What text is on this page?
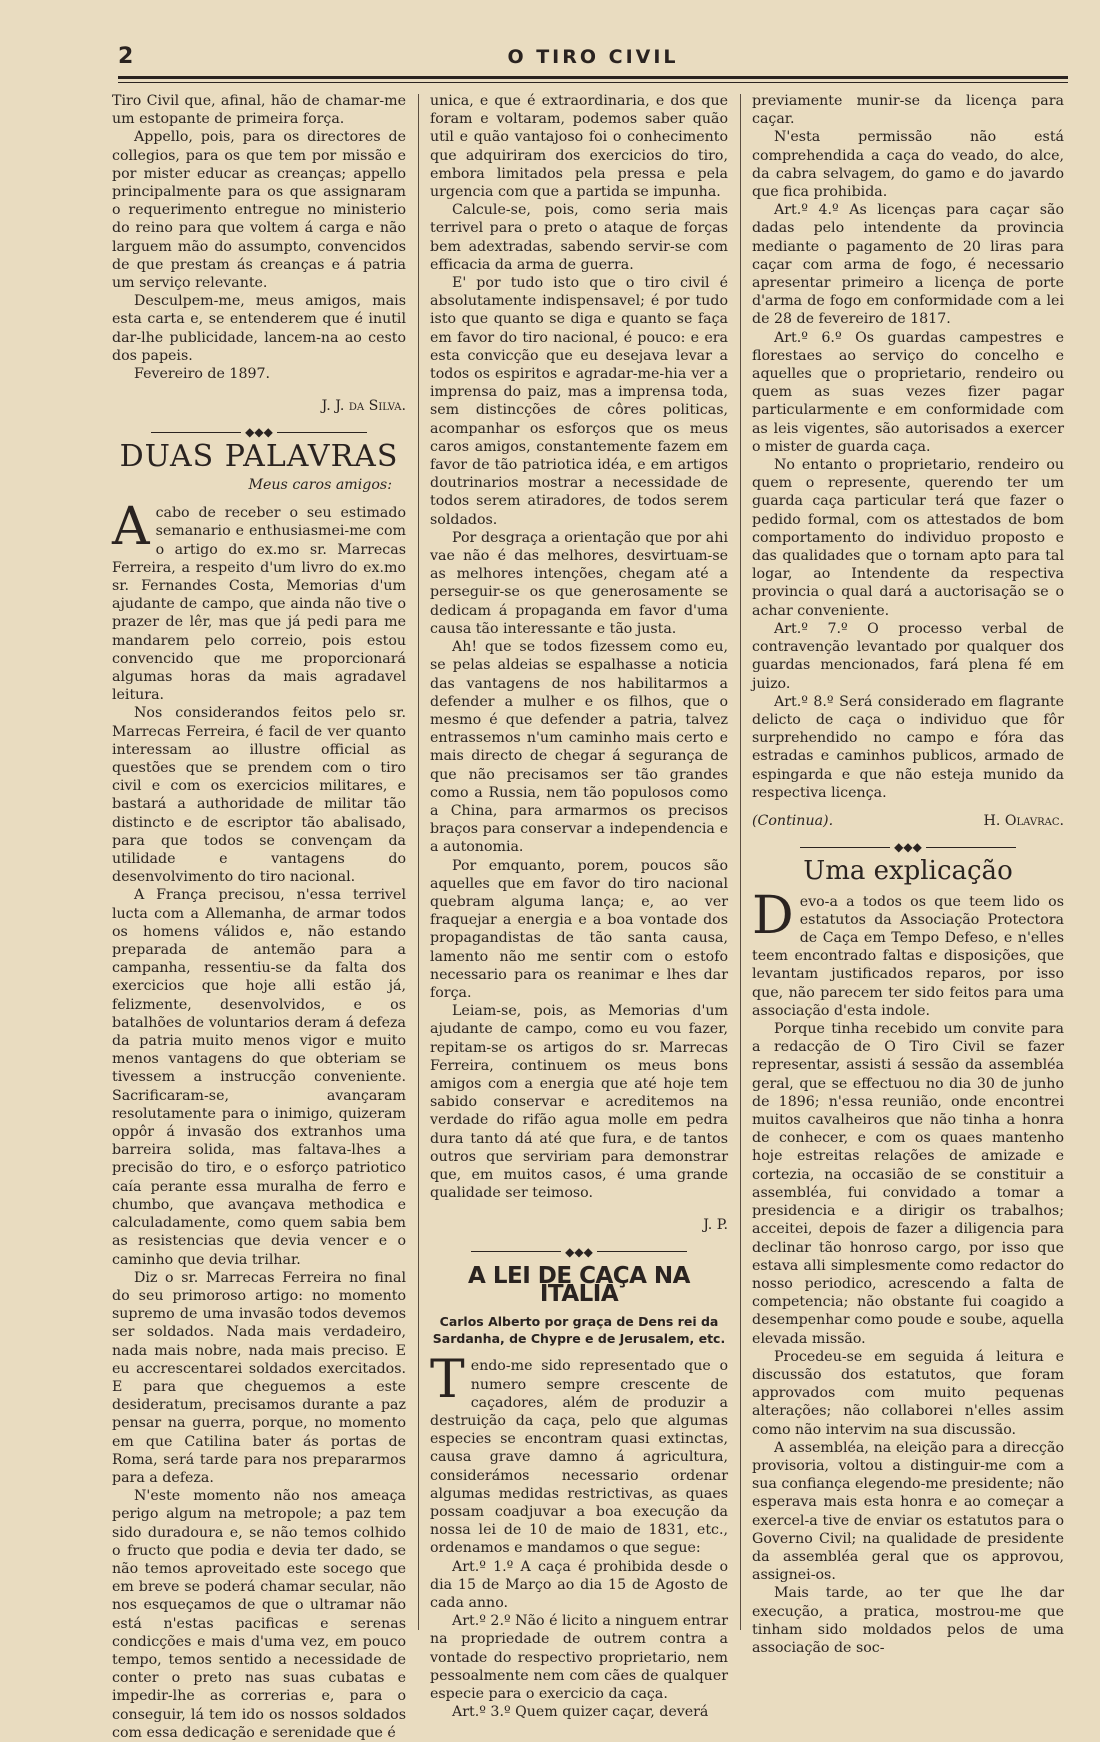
2	O TIRO CIVIL

Tiro Civil que, afinal, hão de chamar-me um estopante de primeira força.

Appello, pois, para os directores de collegios, para os que tem por missão e por mister educar as creanças; appello principalmente para os que assignaram o requerimento entregue no ministerio do reino para que voltem á carga e não larguem mão do assumpto, convencidos de que prestam ás creanças e á patria um serviço relevante.

Desculpem-me, meus amigos, mais esta carta e, se entenderem que é inutil dar-lhe publicidade, lancem-na ao cesto dos papeis.

Fevereiro de 1897.

J. J. da Silva.
◆◆◆
DUAS PALAVRAS
Meus caros amigos:

Acabo de receber o seu estimado semanario e enthusiasmei-me com o artigo do ex.mo sr. Marrecas Ferreira, a respeito d'um livro do ex.mo sr. Fernandes Costa, Memorias d'um ajudante de campo, que ainda não tive o prazer de lêr, mas que já pedi para me mandarem pelo correio, pois estou convencido que me proporcionará algumas horas da mais agradavel leitura.

Nos considerandos feitos pelo sr. Marrecas Ferreira, é facil de ver quanto interessam ao illustre official as questões que se prendem com o tiro civil e com os exercicios militares, e bastará a authoridade de militar tão distincto e de escriptor tão abalisado, para que todos se convençam da utilidade e vantagens do desenvolvimento do tiro nacional.

A França precisou, n'essa terrivel lucta com a Allemanha, de armar todos os homens válidos e, não estando preparada de antemão para a campanha, ressentiu-se da falta dos exercicios que hoje alli estão já, felizmente, desenvolvidos, e os batalhões de voluntarios deram á defeza da patria muito menos vigor e muito menos vantagens do que obteriam se tivessem a instrucção conveniente. Sacrificaram-se, avançaram resolutamente para o inimigo, quizeram oppôr á invasão dos extranhos uma barreira solida, mas faltava-lhes a precisão do tiro, e o esforço patriotico caía perante essa muralha de ferro e chumbo, que avançava methodica e calculadamente, como quem sabia bem as resistencias que devia vencer e o caminho que devia trilhar.

Diz o sr. Marrecas Ferreira no final do seu primoroso artigo: no momento supremo de uma invasão todos devemos ser soldados. Nada mais verdadeiro, nada mais nobre, nada mais preciso. E eu accrescentarei soldados exercitados. E para que cheguemos a este desideratum, precisamos durante a paz pensar na guerra, porque, no momento em que Catilina bater ás portas de Roma, será tarde para nos prepararmos para a defeza.

N'este momento não nos ameaça perigo algum na metropole; a paz tem sido duradoura e, se não temos colhido o fructo que podia e devia ter dado, se não temos aproveitado este socego que em breve se poderá chamar secular, não nos esqueçamos de que o ultramar não está n'estas pacificas e serenas condicções e mais d'uma vez, em pouco tempo, temos sentido a necessidade de conter o preto nas suas cubatas e impedir-lhe as correrias e, para o conseguir, lá tem ido os nossos soldados com essa dedicação e serenidade que é

unica, e que é extraordinaria, e dos que foram e voltaram, podemos saber quão util e quão vantajoso foi o conhecimento que adquiriram dos exercicios do tiro, embora limitados pela pressa e pela urgencia com que a partida se impunha.

Calcule-se, pois, como seria mais terrivel para o preto o ataque de forças bem adextradas, sabendo servir-se com efficacia da arma de guerra.

E' por tudo isto que o tiro civil é absolutamente indispensavel; é por tudo isto que quanto se diga e quanto se faça em favor do tiro nacional, é pouco: e era esta convicção que eu desejava levar a todos os espiritos e agradar-me-hia ver a imprensa do paiz, mas a imprensa toda, sem distincções de côres politicas, acompanhar os esforços que os meus caros amigos, constantemente fazem em favor de tão patriotica idéa, e em artigos doutrinarios mostrar a necessidade de todos serem atiradores, de todos serem soldados.

Por desgraça a orientação que por ahi vae não é das melhores, desvirtuam-se as melhores intenções, chegam até a perseguir-se os que generosamente se dedicam á propaganda em favor d'uma causa tão interessante e tão justa.

Ah! que se todos fizessem como eu, se pelas aldeias se espalhasse a noticia das vantagens de nos habilitarmos a defender a mulher e os filhos, que o mesmo é que defender a patria, talvez entrassemos n'um caminho mais certo e mais directo de chegar á segurança de que não precisamos ser tão grandes como a Russia, nem tão populosos como a China, para armarmos os precisos braços para conservar a independencia e a autonomia.

Por emquanto, porem, poucos são aquelles que em favor do tiro nacional quebram alguma lança; e, ao ver fraquejar a energia e a boa vontade dos propagandistas de tão santa causa, lamento não me sentir com o estofo necessario para os reanimar e lhes dar força.

Leiam-se, pois, as Memorias d'um ajudante de campo, como eu vou fazer, repitam-se os artigos do sr. Marrecas Ferreira, continuem os meus bons amigos com a energia que até hoje tem sabido conservar e acreditemos na verdade do rifão agua molle em pedra dura tanto dá até que fura, e de tantos outros que serviriam para demonstrar que, em muitos casos, é uma grande qualidade ser teimoso.

J. P.
◆◆◆
A LEI DE CAÇA NA ITALIA
Carlos Alberto por graça de Dens rei da Sardanha, de Chypre e de Jerusalem, etc.

Tendo-me sido representado que o numero sempre crescente de caçadores, além de produzir a destruição da caça, pelo que algumas especies se encontram quasi extinctas, causa grave damno á agricultura, considerámos necessario ordenar algumas medidas restrictivas, as quaes possam coadjuvar a boa execução da nossa lei de 10 de maio de 1831, etc., ordenamos e mandamos o que segue:

Art.º 1.º A caça é prohibida desde o dia 15 de Março ao dia 15 de Agosto de cada anno.

Art.º 2.º Não é licito a ninguem entrar na propriedade de outrem contra a vontade do respectivo proprietario, nem pessoalmente nem com cães de qualquer especie para o exercicio da caça.

Art.º 3.º Quem quizer caçar, deverá

previamente munir-se da licença para caçar.

N'esta permissão não está comprehendida a caça do veado, do alce, da cabra selvagem, do gamo e do javardo que fica prohibida.

Art.º 4.º As licenças para caçar são dadas pelo intendente da provincia mediante o pagamento de 20 liras para caçar com arma de fogo, é necessario apresentar primeiro a licença de porte d'arma de fogo em conformidade com a lei de 28 de fevereiro de 1817.

Art.º 6.º Os guardas campestres e florestaes ao serviço do concelho e aquelles que o proprietario, rendeiro ou quem as suas vezes fizer pagar particularmente e em conformidade com as leis vigentes, são autorisados a exercer o mister de guarda caça.

No entanto o proprietario, rendeiro ou quem o represente, querendo ter um guarda caça particular terá que fazer o pedido formal, com os attestados de bom comportamento do individuo proposto e das qualidades que o tornam apto para tal logar, ao Intendente da respectiva provincia o qual dará a auctorisação se o achar conveniente.

Art.º 7.º O processo verbal de contravenção levantado por qualquer dos guardas mencionados, fará plena fé em juizo.

Art.º 8.º Será considerado em flagrante delicto de caça o individuo que fôr surprehendido no campo e fóra das estradas e caminhos publicos, armado de espingarda e que não esteja munido da respectiva licença.

(Continua).	H. Olavrac.
◆◆◆
Uma explicação

Devo-a a todos os que teem lido os estatutos da Associação Protectora de Caça em Tempo Defeso, e n'elles teem encontrado faltas e disposições, que levantam justificados reparos, por isso que, não parecem ter sido feitos para uma associação d'esta indole.

Porque tinha recebido um convite para a redacção de O Tiro Civil se fazer representar, assisti á sessão da assembléa geral, que se effectuou no dia 30 de junho de 1896; n'essa reunião, onde encontrei muitos cavalheiros que não tinha a honra de conhecer, e com os quaes mantenho hoje estreitas relações de amizade e cortezia, na occasião de se constituir a assembléa, fui convidado a tomar a presidencia e a dirigir os trabalhos; acceitei, depois de fazer a diligencia para declinar tão honroso cargo, por isso que estava alli simplesmente como redactor do nosso periodico, acrescendo a falta de competencia; não obstante fui coagido a desempenhar como poude e soube, aquella elevada missão.

Procedeu-se em seguida á leitura e discussão dos estatutos, que foram approvados com muito pequenas alterações; não collaborei n'elles assim como não intervim na sua discussão.

A assembléa, na eleição para a direcção provisoria, voltou a distinguir-me com a sua confiança elegendo-me presidente; não esperava mais esta honra e ao começar a exercel-a tive de enviar os estatutos para o Governo Civil; na qualidade de presidente da assembléa geral que os approvou, assignei-os.

Mais tarde, ao ter que lhe dar execução, a pratica, mostrou-me que tinham sido moldados pelos de uma associação de soc-
